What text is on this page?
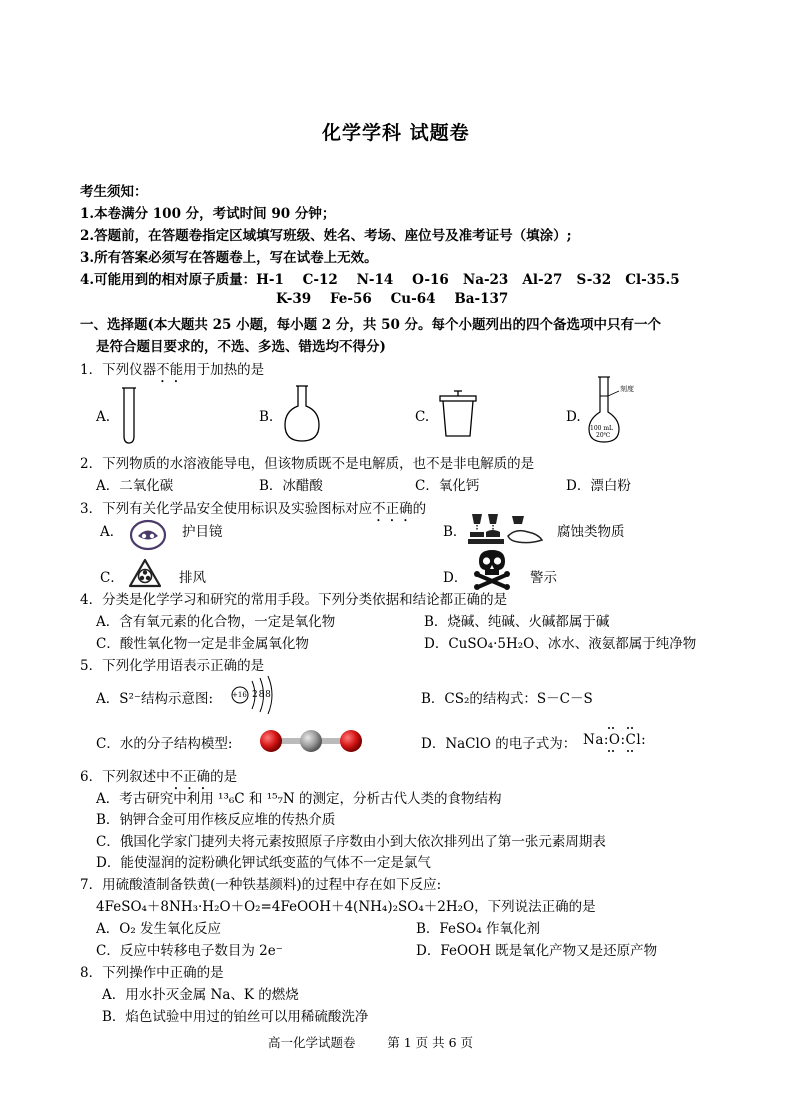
化学学科 试题卷
考生须知：
1.本卷满分 100 分，考试时间 90 分钟；
2.答题前，在答题卷指定区域填写班级、姓名、考场、座位号及准考证号（填涂）;
3.所有答案必须写在答题卷上，写在试卷上无效。
4.可能用到的相对原子质量：H-1    C-12    N-14    O-16   Na-23   Al-27   S-32   Cl-35.5
K-39    Fe-56    Cu-64    Ba-137
一、选择题(本大题共 25 小题，每小题 2 分，共 50 分。每个小题列出的四个备选项中只有一个
是符合题目要求的，不选、多选、错选均不得分)
1．下列仪器不能用于加热的是
A.	B.	C.	D.
刻度
100 mL
20℃
2．下列物质的水溶液能导电，但该物质既不是电解质，也不是非电解质的是
A．二氧化碳	B．冰醋酸	C．氧化钙	D．漂白粉
3．下列有关化学品安全使用标识及实验图标对应不正确的
A．	护目镜	B．	腐蚀类物质
C．	排风	D．	警示
4．分类是化学学习和研究的常用手段。下列分类依据和结论都正确的是
A．含有氧元素的化合物，一定是氧化物	B．烧碱、纯碱、火碱都属于碱
C．酸性氧化物一定是非金属氧化物	D．CuSO₄·5H₂O、冰水、液氨都属于纯净物
5．下列化学用语表示正确的是
A．S²⁻结构示意图:	+16 2 8 8	B．CS₂的结构式：S－C－S
C．水的分子结构模型:	D．NaClO 的电子式为： Na:O:Cl:
6．下列叙述中不正确的是
A．考古研究中利用 ¹³₆C 和 ¹⁵₇N 的测定，分析古代人类的食物结构
B．钠钾合金可用作核反应堆的传热介质
C．俄国化学家门捷列夫将元素按照原子序数由小到大依次排列出了第一张元素周期表
D．能使湿润的淀粉碘化钾试纸变蓝的气体不一定是氯气
7．用硫酸渣制备铁黄(一种铁基颜料)的过程中存在如下反应:
4FeSO₄＋8NH₃·H₂O＋O₂=4FeOOH＋4(NH₄)₂SO₄＋2H₂O，下列说法正确的是
A．O₂ 发生氧化反应	B．FeSO₄ 作氧化剂
C．反应中转移电子数目为 2e⁻	D．FeOOH 既是氧化产物又是还原产物
8．下列操作中正确的是
A．用水扑灭金属 Na、K 的燃烧
B．焰色试验中用过的铂丝可以用稀硫酸洗净
高一化学试题卷        第 1 页 共 6 页
